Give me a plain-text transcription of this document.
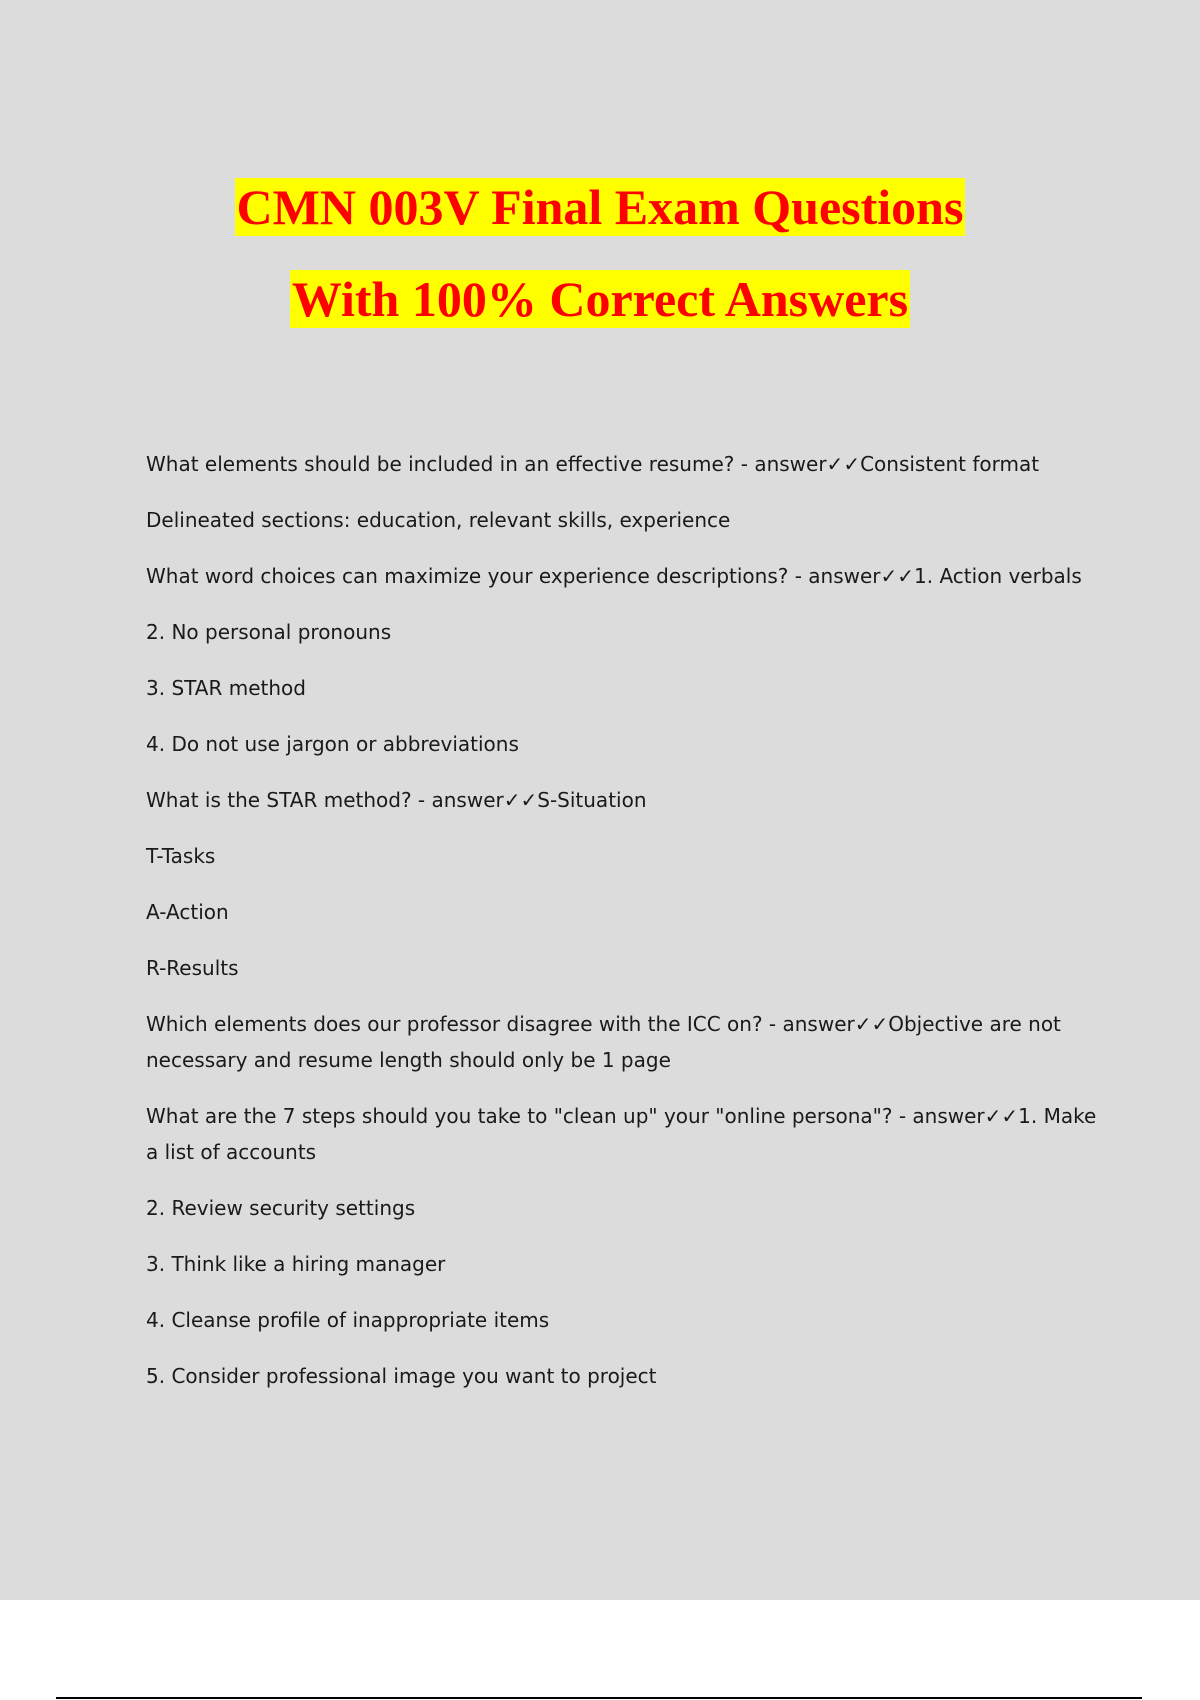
CMN 003V Final Exam Questions
With 100% Correct Answers
What elements should be included in an effective resume? - answer✓✓Consistent format
Delineated sections: education, relevant skills, experience
What word choices can maximize your experience descriptions? - answer✓✓1. Action verbals
2. No personal pronouns
3. STAR method
4. Do not use jargon or abbreviations
What is the STAR method? - answer✓✓S-Situation
T-Tasks
A-Action
R-Results
Which elements does our professor disagree with the ICC on? - answer✓✓Objective are not
necessary and resume length should only be 1 page
What are the 7 steps should you take to "clean up" your "online persona"? - answer✓✓1. Make
a list of accounts
2. Review security settings
3. Think like a hiring manager
4. Cleanse profile of inappropriate items
5. Consider professional image you want to project
